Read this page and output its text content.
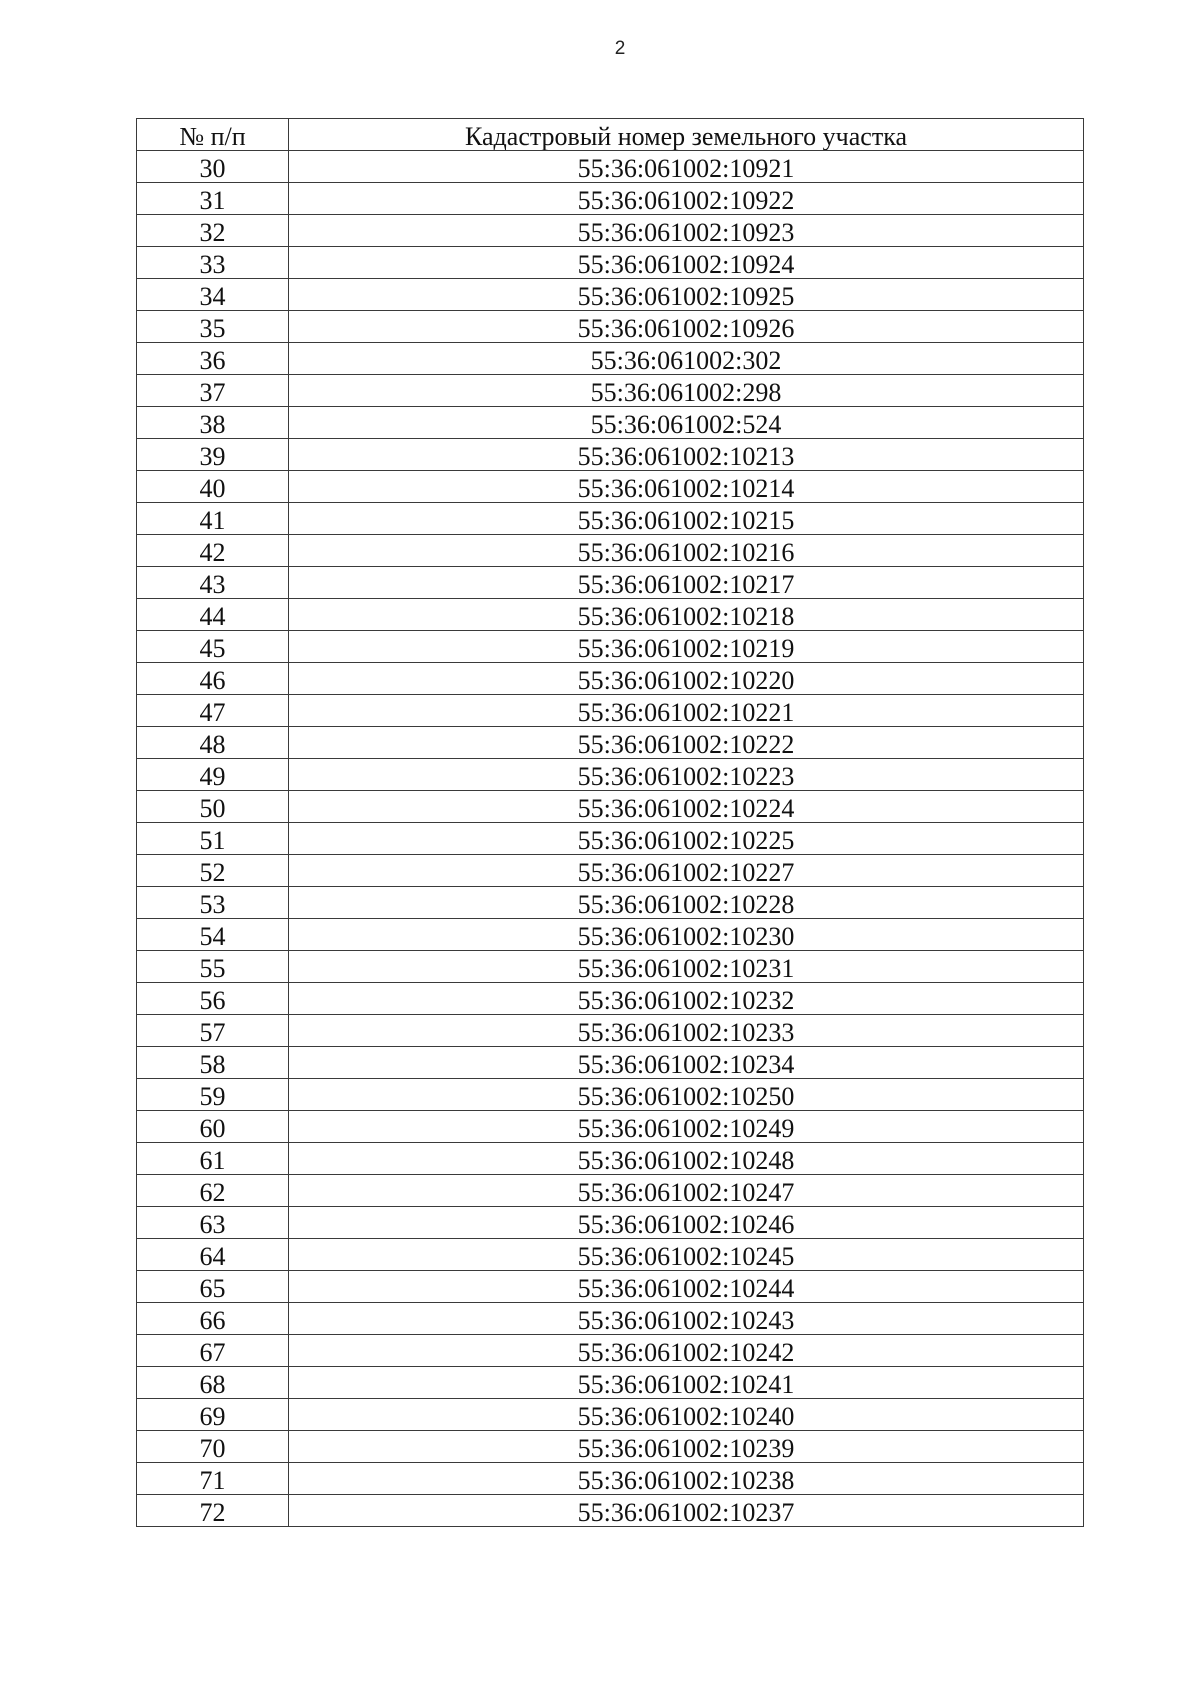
2
№ п/п	Кадастровый номер земельного участка
30	55:36:061002:10921
31	55:36:061002:10922
32	55:36:061002:10923
33	55:36:061002:10924
34	55:36:061002:10925
35	55:36:061002:10926
36	55:36:061002:302
37	55:36:061002:298
38	55:36:061002:524
39	55:36:061002:10213
40	55:36:061002:10214
41	55:36:061002:10215
42	55:36:061002:10216
43	55:36:061002:10217
44	55:36:061002:10218
45	55:36:061002:10219
46	55:36:061002:10220
47	55:36:061002:10221
48	55:36:061002:10222
49	55:36:061002:10223
50	55:36:061002:10224
51	55:36:061002:10225
52	55:36:061002:10227
53	55:36:061002:10228
54	55:36:061002:10230
55	55:36:061002:10231
56	55:36:061002:10232
57	55:36:061002:10233
58	55:36:061002:10234
59	55:36:061002:10250
60	55:36:061002:10249
61	55:36:061002:10248
62	55:36:061002:10247
63	55:36:061002:10246
64	55:36:061002:10245
65	55:36:061002:10244
66	55:36:061002:10243
67	55:36:061002:10242
68	55:36:061002:10241
69	55:36:061002:10240
70	55:36:061002:10239
71	55:36:061002:10238
72	55:36:061002:10237
